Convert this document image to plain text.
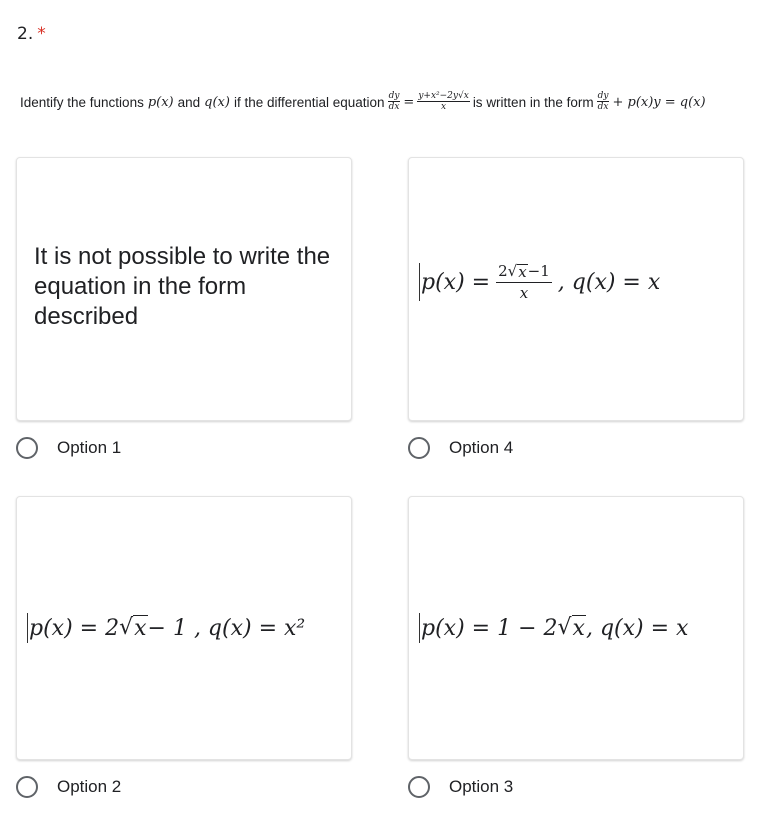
2. *
Identify the functions p(x) and q(x) if the differential equation $\frac{dy}{dx} = \frac{\text{y+x²−2y√x}}{x}$ is written in the form $\frac{dy}{dx} + p(x)y = q(x)$
It is not possible to write the equation in the form described
$p(x) = \frac{2√ x -1}{x}$ , q(x) = x
p(x) = 2 √ x − 1 , q(x) = x²	p(x) = 1 − 2 √ x , q(x) = x
Option 1	Option 4
Option 2	Option 3
